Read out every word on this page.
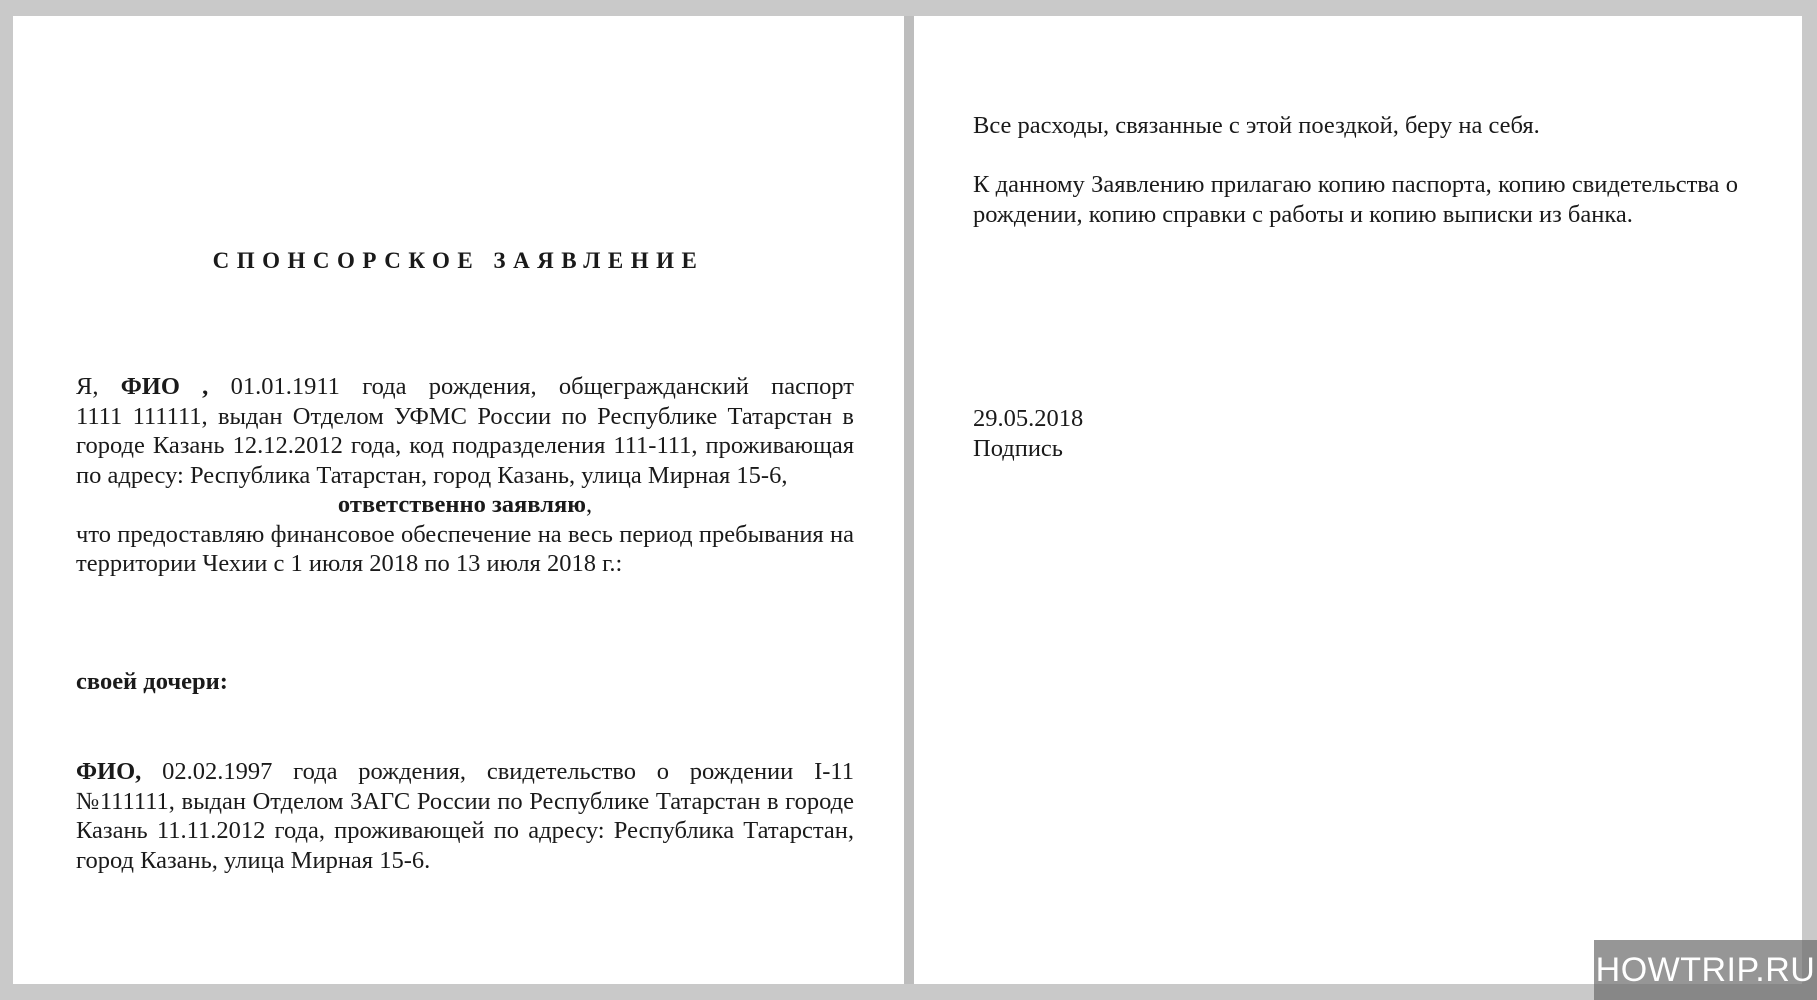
СПОНСОРСКОЕ ЗАЯВЛЕНИЕ
Я, ФИО , 01.01.1911 года рождения, общегражданский паспорт
1111 111111, выдан Отделом УФМС России по Республике Татарстан в городе Казань 12.12.2012 года, код подразделения 111-111, проживающая по адресу: Республика Татарстан, город Казань, улица Мирная 15-6,
ответственно заявляю,
что предоставляю финансовое обеспечение на весь период пребывания на территории Чехии с 1 июля 2018 по 13 июля 2018 г.:
своей дочери:
ФИО, 02.02.1997 года рождения, свидетельство о рождении I-11 №111111, выдан Отделом ЗАГС России по Республике Татарстан в городе Казань 11.11.2012 года, проживающей по адресу: Республика Татарстан, город Казань, улица Мирная 15-6.
Все расходы, связанные с этой поездкой, беру на себя.
К данному Заявлению прилагаю копию паспорта, копию свидетельства о рождении, копию справки с работы и копию выписки из банка.
29.05.2018
Подпись
HOWTRIP.RU
